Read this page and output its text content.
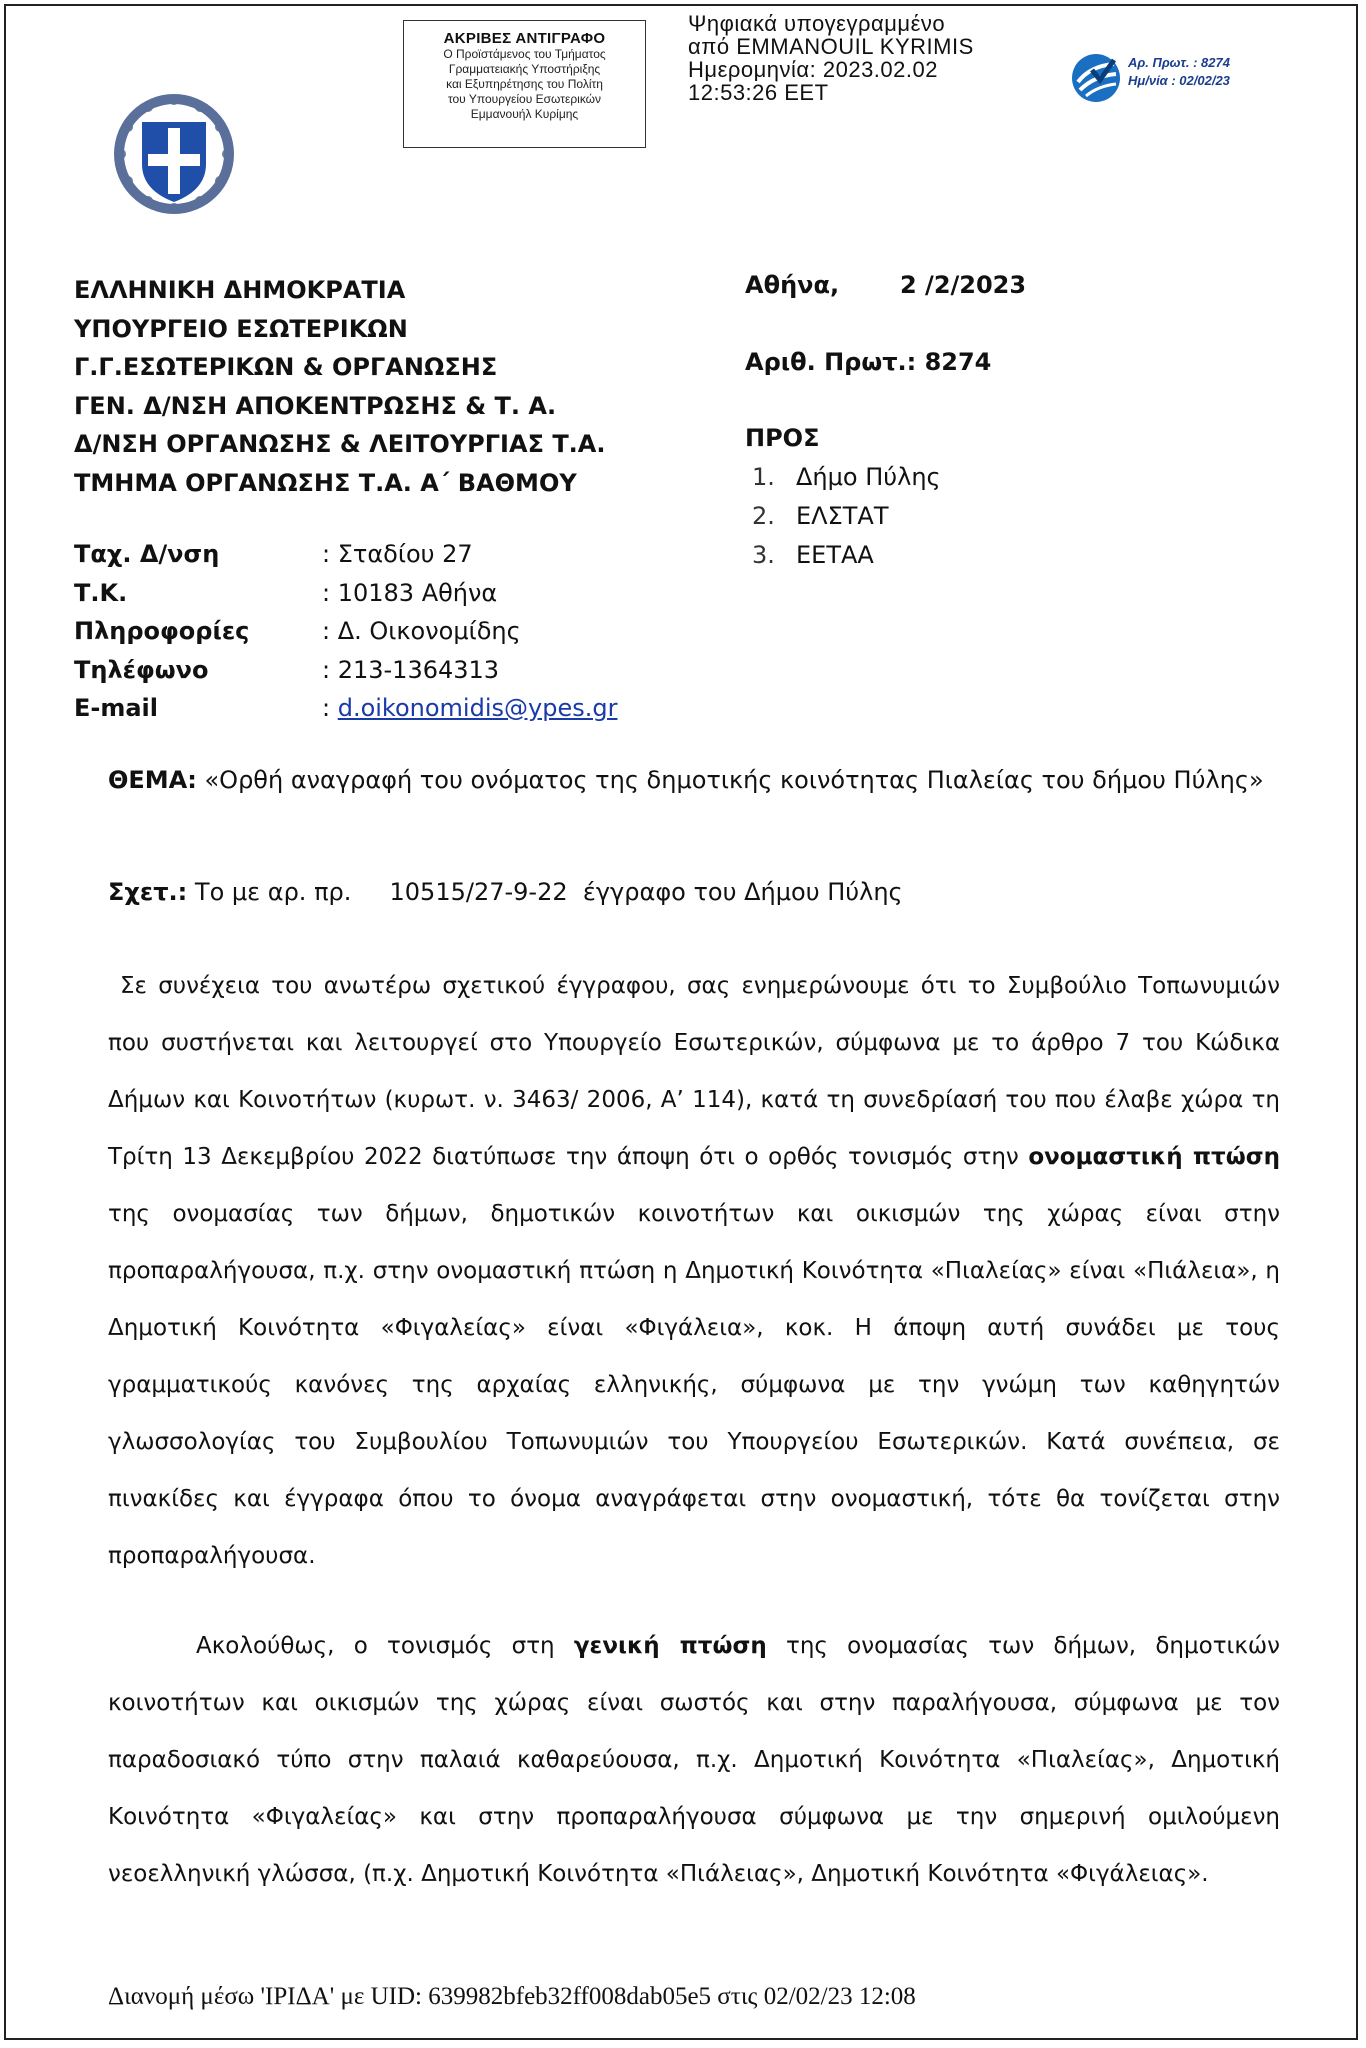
ΑΚΡΙΒΕΣ ΑΝΤΙΓΡΑΦΟ
Ο Προϊστάμενος του Τμήματος
Γραμματειακής Υποστήριξης
και Εξυπηρέτησης του Πολίτη
του Υπουργείου Εσωτερικών
Εμμανουήλ Κυρίμης
Ψηφιακά υπογεγραμμένο
από EMMANOUIL KYRIMIS
Ημερομηνία: 2023.02.02
12:53:26 EET
Αρ. Πρωτ. : 8274
Ημ/νία : 02/02/23
ΕΛΛΗΝΙΚΗ ΔΗΜΟΚΡΑΤΙΑ
ΥΠΟΥΡΓΕΙΟ ΕΣΩΤΕΡΙΚΩΝ
Γ.Γ.ΕΣΩΤΕΡΙΚΩΝ & ΟΡΓΑΝΩΣΗΣ
ΓΕΝ. Δ/ΝΣΗ ΑΠΟΚΕΝΤΡΩΣΗΣ & Τ. Α.
Δ/ΝΣΗ ΟΡΓΑΝΩΣΗΣ & ΛΕΙΤΟΥΡΓΙΑΣ Τ.Α.
ΤΜΗΜΑ ΟΡΓΑΝΩΣΗΣ Τ.Α. Α΄ ΒΑΘΜΟΥ
Αθήνα,	2 /2/2023
Αριθ. Πρωτ.: 8274
ΠΡΟΣ
1. Δήμο Πύλης
2. ΕΛΣΤΑΤ
3. ΕΕΤΑΑ
Ταχ. Δ/νση	: Σταδίου 27
Τ.Κ.	: 10183 Αθήνα
Πληροφορίες	: Δ. Οικονομίδης
Τηλέφωνο	: 213-1364313
E-mail	: d.oikonomidis@ypes.gr
ΘΕΜΑ: «Ορθή αναγραφή του ονόματος της δημοτικής κοινότητας Πιαλείας του δήμου Πύλης»
Σχετ.: Το με αρ. πρ.     10515/27-9-22  έγγραφο του Δήμου Πύλης
Σε συνέχεια του ανωτέρω σχετικού έγγραφου, σας ενημερώνουμε ότι το Συμβούλιο Τοπωνυμιών που συστήνεται και λειτουργεί στο Υπουργείο Εσωτερικών, σύμφωνα με το άρθρο 7 του Κώδικα Δήμων και Κοινοτήτων (κυρωτ. ν. 3463/ 2006, Α’ 114), κατά τη συνεδρίασή του που έλαβε χώρα τη Τρίτη 13 Δεκεμβρίου 2022 διατύπωσε την άποψη ότι ο ορθός τονισμός στην ονομαστική πτώση της ονομασίας των δήμων, δημοτικών κοινοτήτων και οικισμών της χώρας είναι στην προπαραλήγουσα, π.χ. στην ονομαστική πτώση η Δημοτική Κοινότητα «Πιαλείας» είναι «Πιάλεια», η Δημοτική Κοινότητα «Φιγαλείας» είναι «Φιγάλεια», κοκ. Η άποψη αυτή συνάδει με τους γραμματικούς κανόνες της αρχαίας ελληνικής, σύμφωνα με την γνώμη των καθηγητών γλωσσολογίας του Συμβουλίου Τοπωνυμιών του Υπουργείου Εσωτερικών. Κατά συνέπεια, σε πινακίδες και έγγραφα όπου το όνομα αναγράφεται στην ονομαστική, τότε θα τονίζεται στην προπαραλήγουσα.
Ακολούθως, ο τονισμός στη γενική πτώση της ονομασίας των δήμων, δημοτικών κοινοτήτων και οικισμών της χώρας είναι σωστός και στην παραλήγουσα, σύμφωνα με τον παραδοσιακό τύπο στην παλαιά καθαρεύουσα, π.χ. Δημοτική Κοινότητα «Πιαλείας», Δημοτική Κοινότητα «Φιγαλείας» και στην προπαραλήγουσα σύμφωνα με την σημερινή ομιλούμενη νεοελληνική γλώσσα, (π.χ. Δημοτική Κοινότητα «Πιάλειας», Δημοτική Κοινότητα «Φιγάλειας».
Διανομή μέσω 'ΙΡΙΔΑ' με UID: 639982bfeb32ff008dab05e5 στις 02/02/23 12:08
